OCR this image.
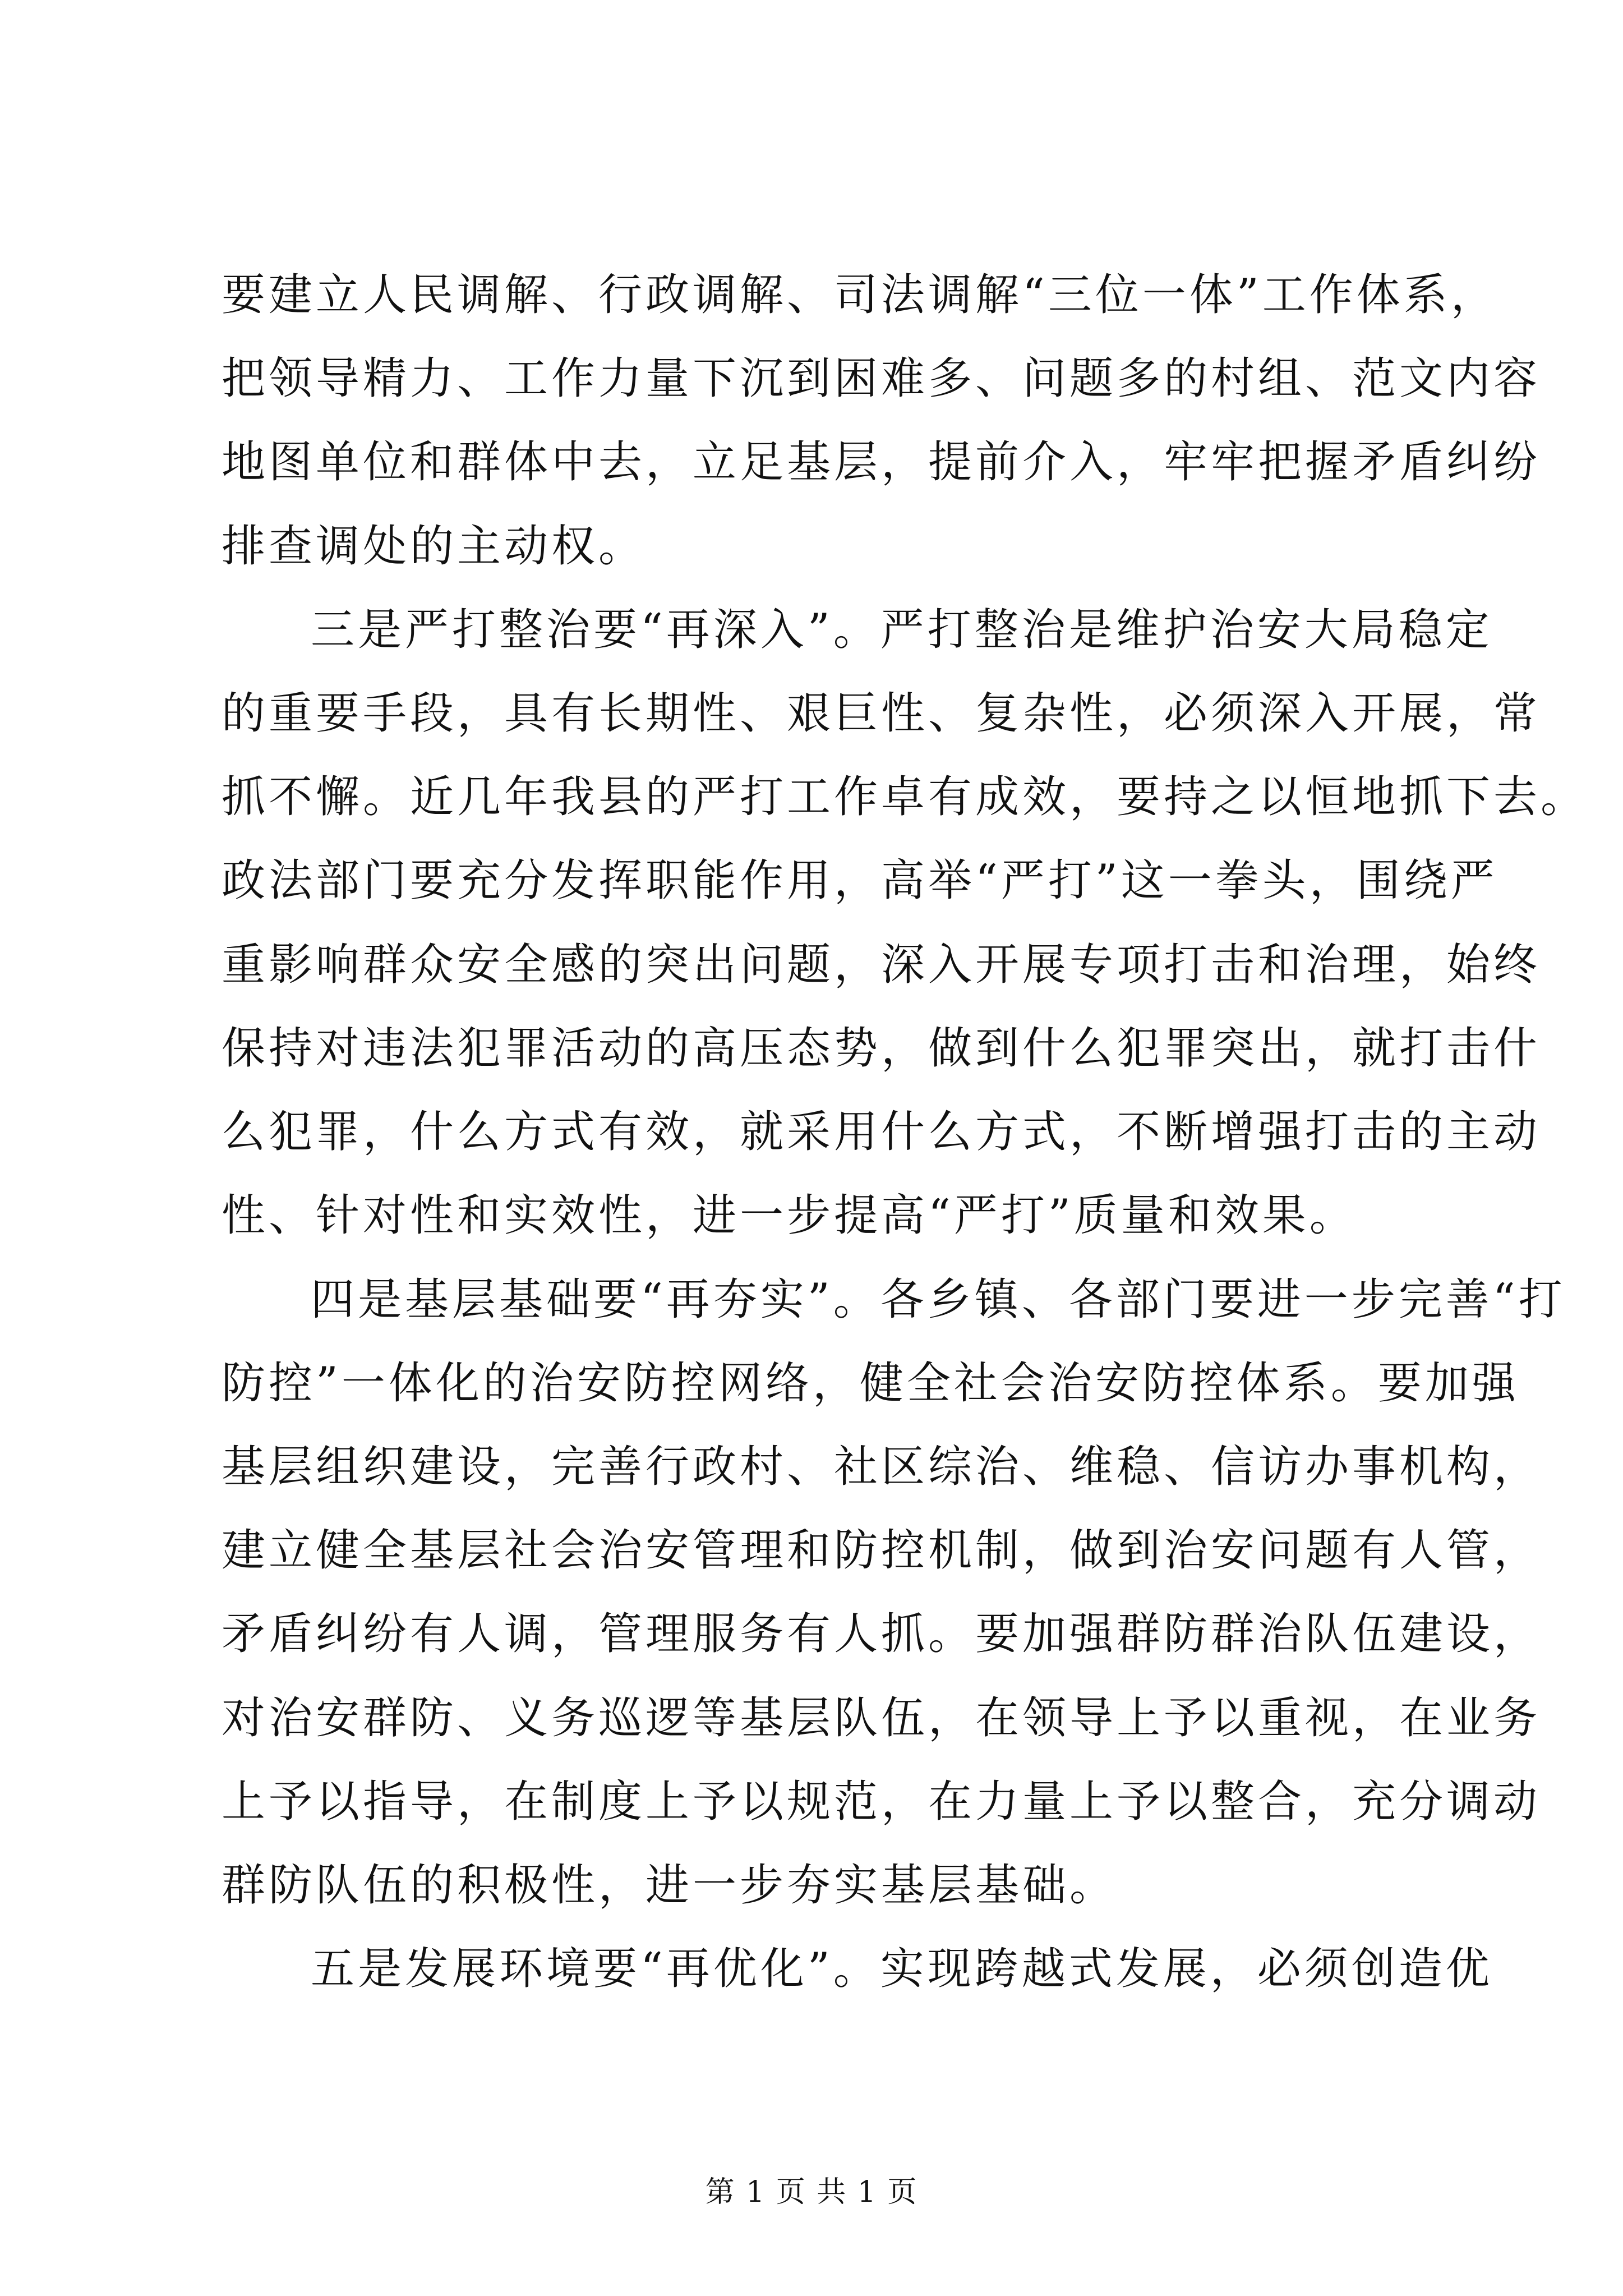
要建立人民调解、行政调解、司法调解“三位一体”工作体系，
把领导精力、工作力量下沉到困难多、问题多的村组、范文内容
地图单位和群体中去，立足基层，提前介入，牢牢把握矛盾纠纷
排查调处的主动权。
三是严打整治要“再深入”。严打整治是维护治安大局稳定
的重要手段，具有长期性、艰巨性、复杂性，必须深入开展，常
抓不懈。近几年我县的严打工作卓有成效，要持之以恒地抓下去。
政法部门要充分发挥职能作用，高举“严打”这一拳头，围绕严
重影响群众安全感的突出问题，深入开展专项打击和治理，始终
保持对违法犯罪活动的高压态势，做到什么犯罪突出，就打击什
么犯罪，什么方式有效，就采用什么方式，不断增强打击的主动
性、针对性和实效性，进一步提高“严打”质量和效果。
四是基层基础要“再夯实”。各乡镇、各部门要进一步完善“打
防控”一体化的治安防控网络，健全社会治安防控体系。要加强
基层组织建设，完善行政村、社区综治、维稳、信访办事机构，
建立健全基层社会治安管理和防控机制，做到治安问题有人管，
矛盾纠纷有人调，管理服务有人抓。要加强群防群治队伍建设，
对治安群防、义务巡逻等基层队伍，在领导上予以重视，在业务
上予以指导，在制度上予以规范，在力量上予以整合，充分调动
群防队伍的积极性，进一步夯实基层基础。
五是发展环境要“再优化”。实现跨越式发展，必须创造优
第 1 页 共 1 页
